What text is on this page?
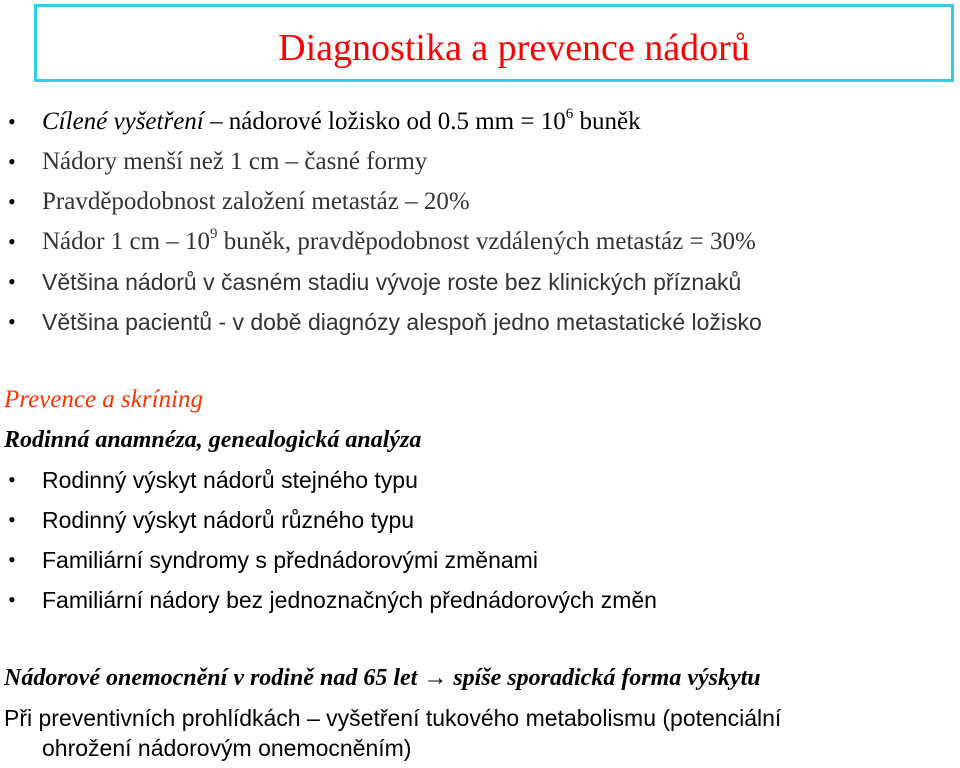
Diagnostika a prevence nádorů
• Cílené vyšetření – nádorové ložisko od 0.5 mm = $10^6$ buněk
• Nádory menší než 1 cm – časné formy
• Pravděpodobnost založení metastáz – 20%
• Nádor 1 cm – $10^9$ buněk, pravděpodobnost vzdálených metastáz = 30%
• Většina nádorů v časném stadiu vývoje roste bez klinických příznaků
• Většina pacientů - v době diagnózy alespoň jedno metastatické ložisko
Prevence a skríning
Rodinná anamnéza, genealogická analýza
• Rodinný výskyt nádorů stejného typu
• Rodinný výskyt nádorů různého typu
• Familiární syndromy s přednádorovými změnami
• Familiární nádory bez jednoznačných přednádorových změn
Nádorové onemocnění v rodině nad 65 let → spíše sporadická forma výskytu
Při preventivních prohlídkách – vyšetření tukového metabolismu (potenciální
ohrožení nádorovým onemocněním)
